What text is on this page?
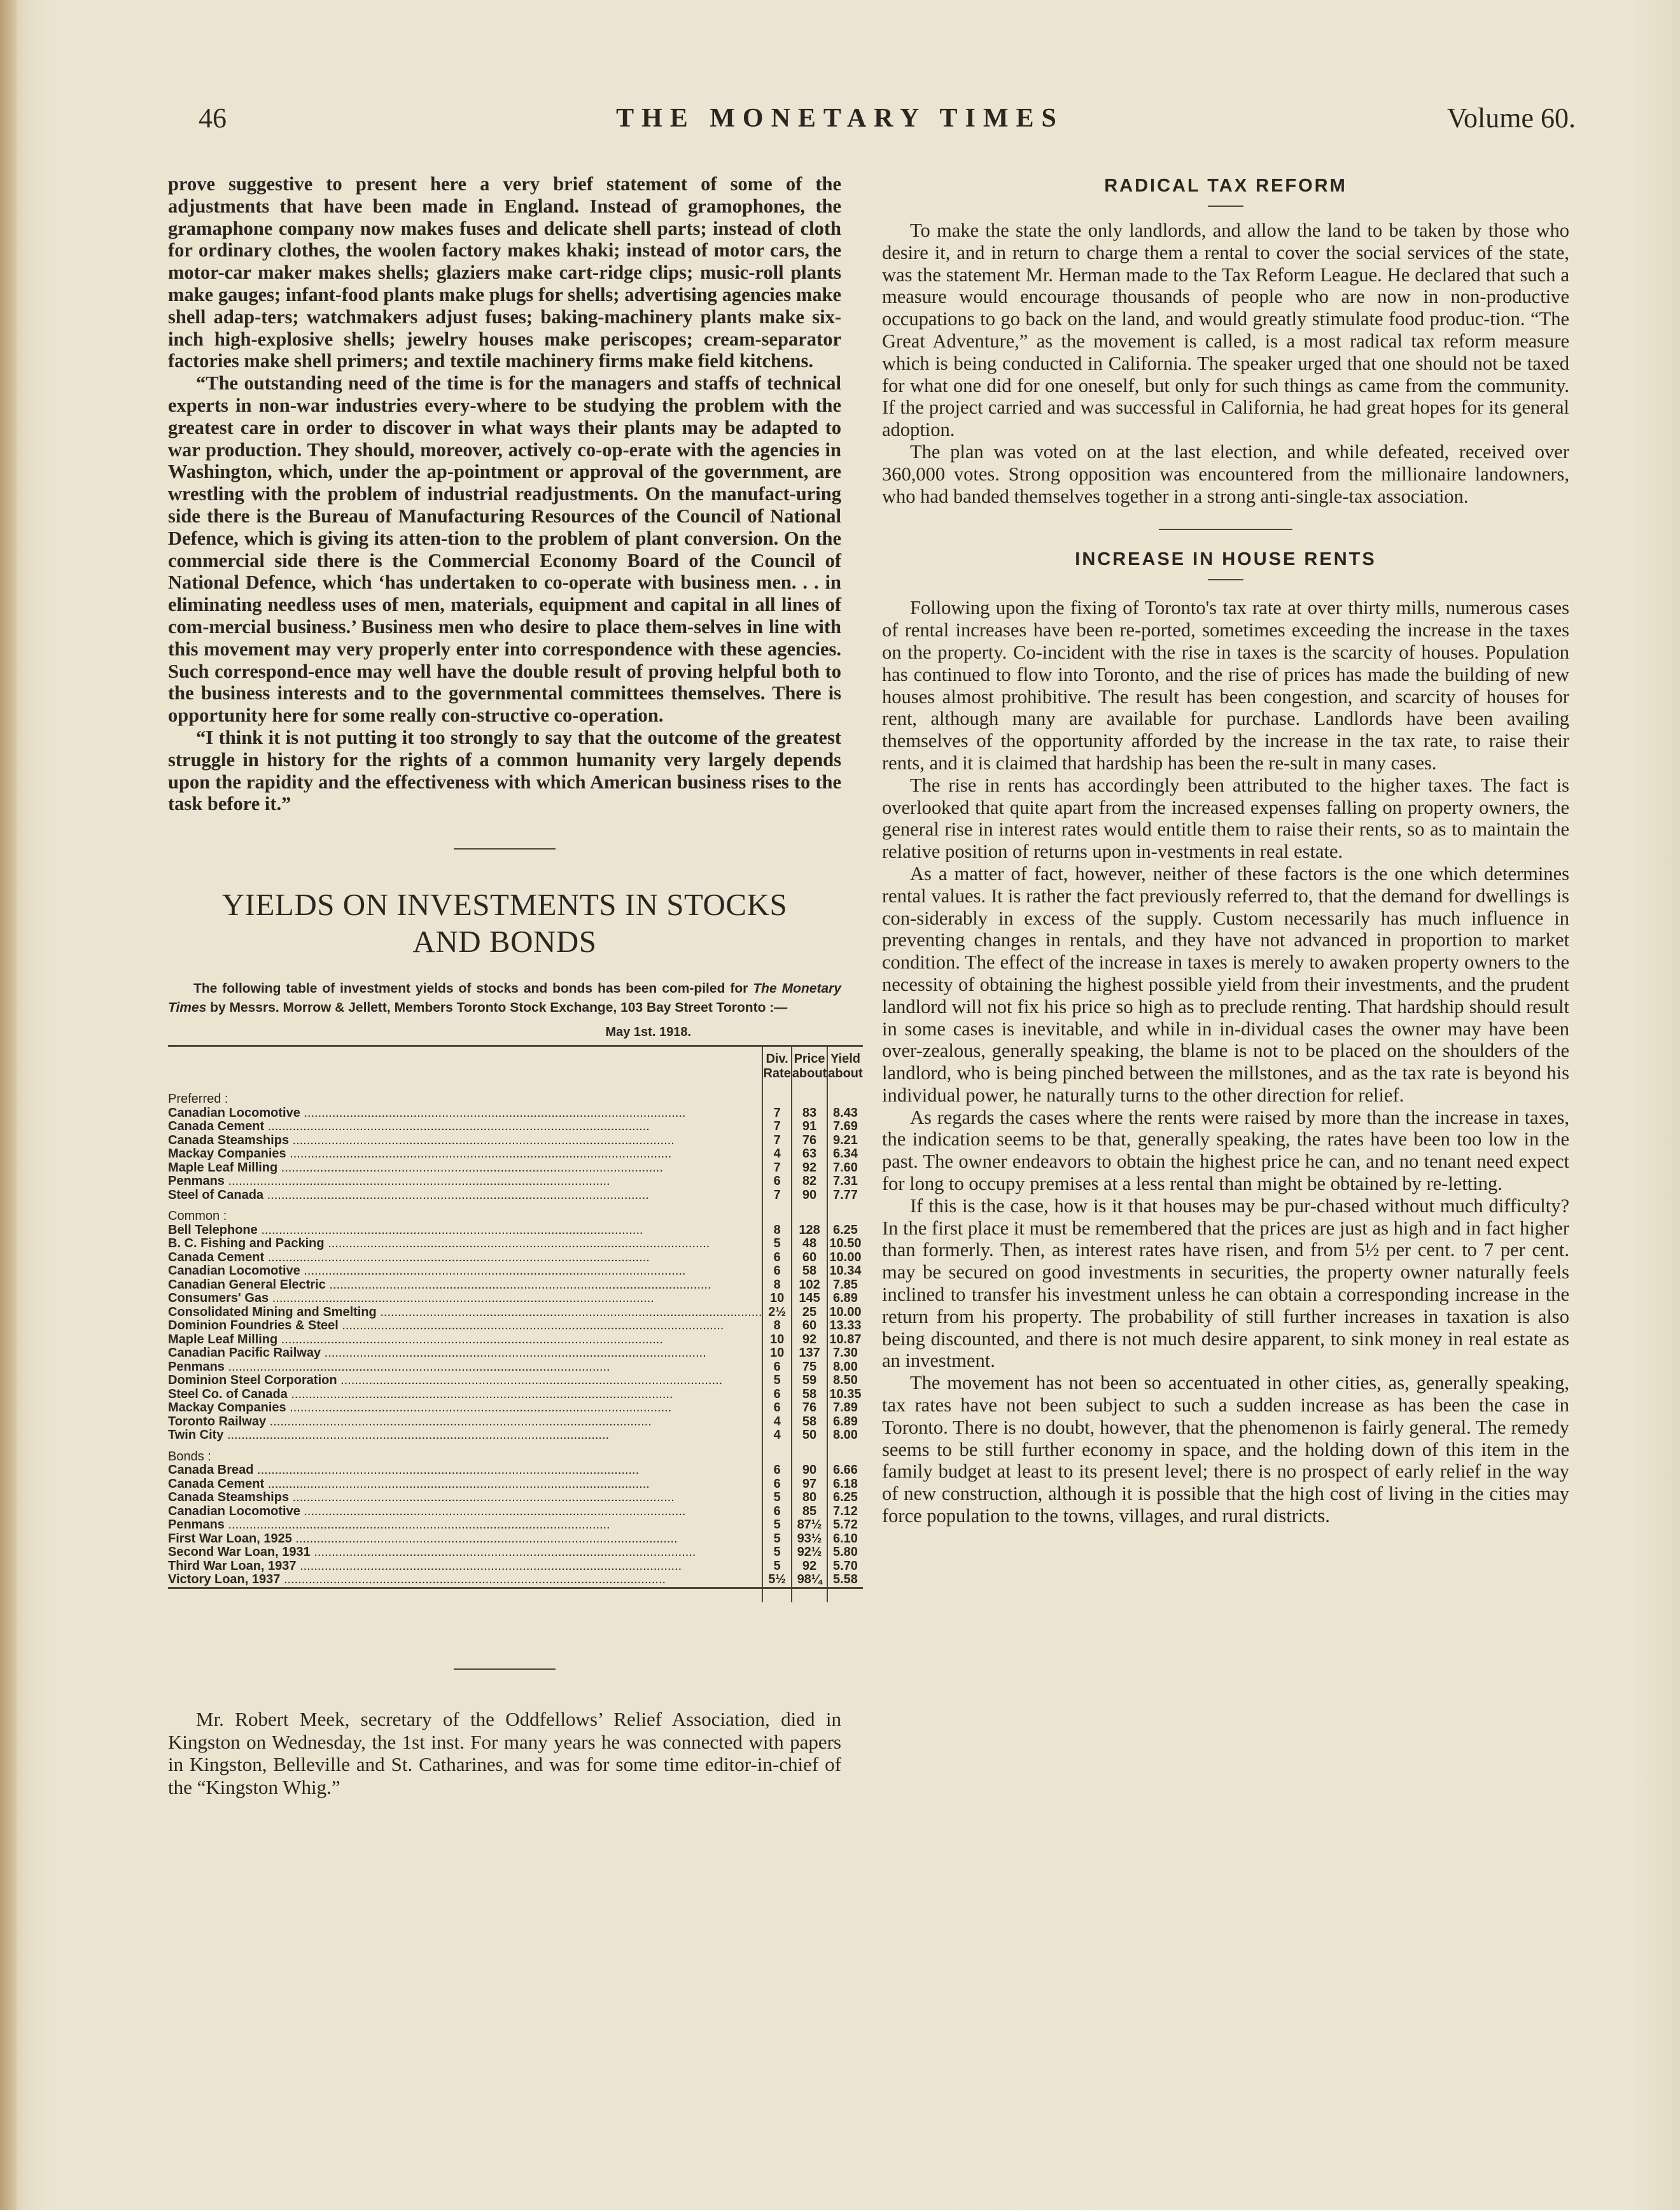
46	THE MONETARY TIMES	Volume 60.

prove suggestive to present here a very brief statement of some of the adjustments that have been made in England. Instead of gramophones, the gramaphone company now makes fuses and delicate shell parts; instead of cloth for ordinary clothes, the woolen factory makes khaki; instead of motor cars, the motor-car maker makes shells; glaziers make cart-ridge clips; music-roll plants make gauges; infant-food plants make plugs for shells; advertising agencies make shell adap-ters; watchmakers adjust fuses; baking-machinery plants make six-inch high-explosive shells; jewelry houses make periscopes; cream-separator factories make shell primers; and textile machinery firms make field kitchens.

“The outstanding need of the time is for the managers and staffs of technical experts in non-war industries every-where to be studying the problem with the greatest care in order to discover in what ways their plants may be adapted to war production. They should, moreover, actively co-op-erate with the agencies in Washington, which, under the ap-pointment or approval of the government, are wrestling with the problem of industrial readjustments. On the manufact-uring side there is the Bureau of Manufacturing Resources of the Council of National Defence, which is giving its atten-tion to the problem of plant conversion. On the commercial side there is the Commercial Economy Board of the Council of National Defence, which ‘has undertaken to co-operate with business men. . . in eliminating needless uses of men, materials, equipment and capital in all lines of com-mercial business.’ Business men who desire to place them-selves in line with this movement may very properly enter into correspondence with these agencies. Such correspond-ence may well have the double result of proving helpful both to the business interests and to the governmental committees themselves. There is opportunity here for some really con-structive co-operation.

“I think it is not putting it too strongly to say that the outcome of the greatest struggle in history for the rights of a common humanity very largely depends upon the rapidity and the effectiveness with which American business rises to the task before it.”

YIELDS ON INVESTMENTS IN STOCKS
AND BONDS

The following table of investment yields of stocks and bonds has been com-piled for The Monetary Times by Messrs. Morrow & Jellett, Members Toronto Stock Exchange, 103 Bay Street Toronto :—

May 1st. 1918.
	Div. Rate	Price about	Yield about
Preferred :			
Canadian Locomotive .....	7	83	8.43
Canada Cement .....	7	91	7.69
Canada Steamships .....	7	76	9.21
Mackay Companies .....	4	63	6.34
Maple Leaf Milling .....	7	92	7.60
Penmans .....	6	82	7.31
Steel of Canada .....	7	90	7.77
Common :			
Bell Telephone .....	8	128	6.25
B. C. Fishing and Packing .....	5	48	10.50
Canada Cement .....	6	60	10.00
Canadian Locomotive .....	6	58	10.34
Canadian General Electric .....	8	102	7.85
Consumers' Gas .....	10	145	6.89
Consolidated Mining and Smelting .....	2½	25	10.00
Dominion Foundries & Steel .....	8	60	13.33
Maple Leaf Milling .....	10	92	10.87
Canadian Pacific Railway .....	10	137	7.30
Penmans .....	6	75	8.00
Dominion Steel Corporation .....	5	59	8.50
Steel Co. of Canada .....	6	58	10.35
Mackay Companies .....	6	76	7.89
Toronto Railway .....	4	58	6.89
Twin City .....	4	50	8.00
Bonds :			
Canada Bread .....	6	90	6.66
Canada Cement .....	6	97	6.18
Canada Steamships .....	5	80	6.25
Canadian Locomotive .....	6	85	7.12
Penmans .....	5	87½	5.72
First War Loan, 1925 .....	5	93½	6.10
Second War Loan, 1931 .....	5	92½	5.80
Third War Loan, 1937 .....	5	92	5.70
Victory Loan, 1937 .....	5½	98¼	5.58

Mr. Robert Meek, secretary of the Oddfellows’ Relief Association, died in Kingston on Wednesday, the 1st inst. For many years he was connected with papers in Kingston, Belleville and St. Catharines, and was for some time editor-in-chief of the “Kingston Whig.”

RADICAL TAX REFORM

To make the state the only landlords, and allow the land to be taken by those who desire it, and in return to charge them a rental to cover the social services of the state, was the statement Mr. Herman made to the Tax Reform League. He declared that such a measure would encourage thousands of people who are now in non-productive occupations to go back on the land, and would greatly stimulate food produc-tion. “The Great Adventure,” as the movement is called, is a most radical tax reform measure which is being conducted in California. The speaker urged that one should not be taxed for what one did for one oneself, but only for such things as came from the community. If the project carried and was successful in California, he had great hopes for its general adoption.

The plan was voted on at the last election, and while defeated, received over 360,000 votes. Strong opposition was encountered from the millionaire landowners, who had banded themselves together in a strong anti-single-tax association.

INCREASE IN HOUSE RENTS

Following upon the fixing of Toronto's tax rate at over thirty mills, numerous cases of rental increases have been re-ported, sometimes exceeding the increase in the taxes on the property. Co-incident with the rise in taxes is the scarcity of houses. Population has continued to flow into Toronto, and the rise of prices has made the building of new houses almost prohibitive. The result has been congestion, and scarcity of houses for rent, although many are available for purchase. Landlords have been availing themselves of the opportunity afforded by the increase in the tax rate, to raise their rents, and it is claimed that hardship has been the re-sult in many cases.

The rise in rents has accordingly been attributed to the higher taxes. The fact is overlooked that quite apart from the increased expenses falling on property owners, the general rise in interest rates would entitle them to raise their rents, so as to maintain the relative position of returns upon in-vestments in real estate.

As a matter of fact, however, neither of these factors is the one which determines rental values. It is rather the fact previously referred to, that the demand for dwellings is con-siderably in excess of the supply. Custom necessarily has much influence in preventing changes in rentals, and they have not advanced in proportion to market condition. The effect of the increase in taxes is merely to awaken property owners to the necessity of obtaining the highest possible yield from their investments, and the prudent landlord will not fix his price so high as to preclude renting. That hardship should result in some cases is inevitable, and while in in-dividual cases the owner may have been over-zealous, generally speaking, the blame is not to be placed on the shoulders of the landlord, who is being pinched between the millstones, and as the tax rate is beyond his individual power, he naturally turns to the other direction for relief.

As regards the cases where the rents were raised by more than the increase in taxes, the indication seems to be that, generally speaking, the rates have been too low in the past. The owner endeavors to obtain the highest price he can, and no tenant need expect for long to occupy premises at a less rental than might be obtained by re-letting.

If this is the case, how is it that houses may be pur-chased without much difficulty? In the first place it must be remembered that the prices are just as high and in fact higher than formerly. Then, as interest rates have risen, and from 5½ per cent. to 7 per cent. may be secured on good investments in securities, the property owner naturally feels inclined to transfer his investment unless he can obtain a corresponding increase in the return from his property. The probability of still further increases in taxation is also being discounted, and there is not much desire apparent, to sink money in real estate as an investment.

The movement has not been so accentuated in other cities, as, generally speaking, tax rates have not been subject to such a sudden increase as has been the case in Toronto. There is no doubt, however, that the phenomenon is fairly general. The remedy seems to be still further economy in space, and the holding down of this item in the family budget at least to its present level; there is no prospect of early relief in the way of new construction, although it is possible that the high cost of living in the cities may force population to the towns, villages, and rural districts.
